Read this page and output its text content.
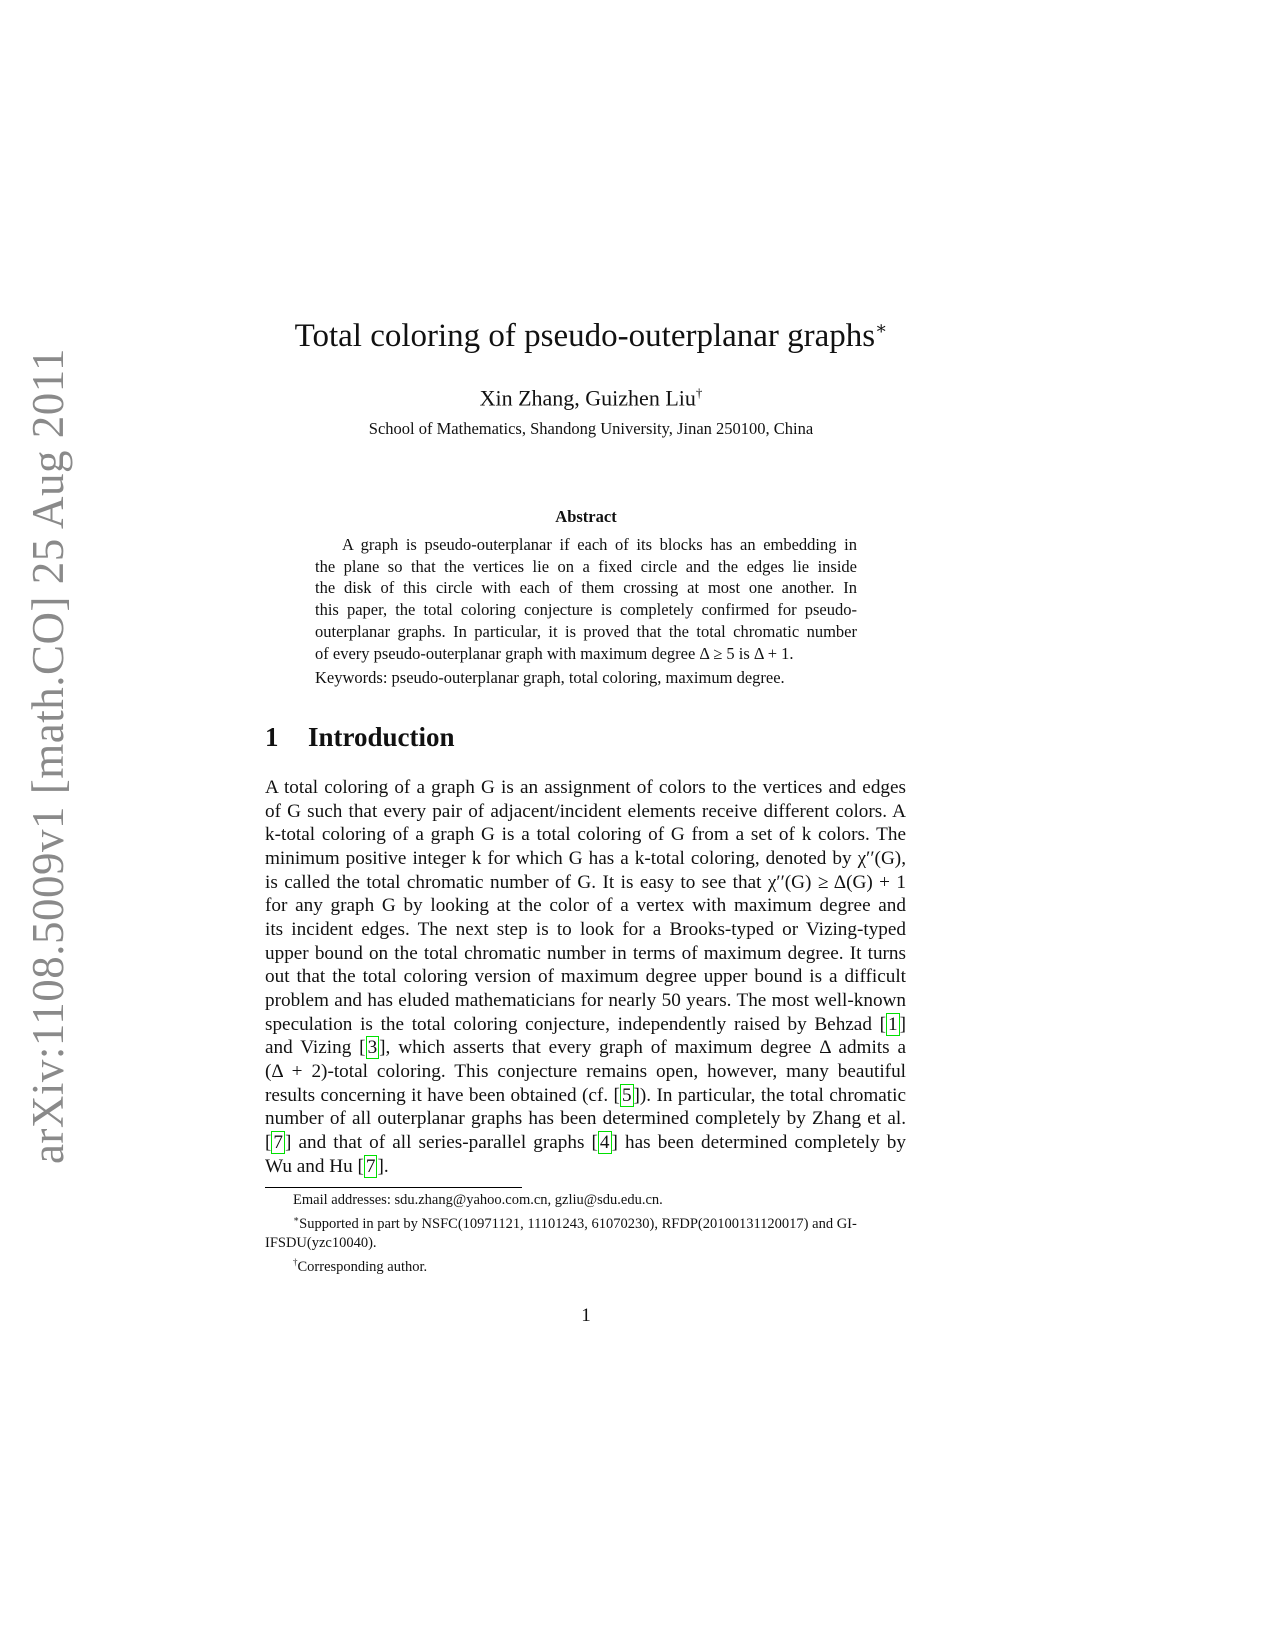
arXiv:1108.5009v1 [math.CO] 25 Aug 2011
Total coloring of pseudo-outerplanar graphs∗
Xin Zhang, Guizhen Liu†
School of Mathematics, Shandong University, Jinan 250100, China
Abstract
A graph is pseudo-outerplanar if each of its blocks has an embedding in
the plane so that the vertices lie on a fixed circle and the edges lie inside
the disk of this circle with each of them crossing at most one another. In
this paper, the total coloring conjecture is completely confirmed for pseudo-
outerplanar graphs. In particular, it is proved that the total chromatic number
of every pseudo-outerplanar graph with maximum degree Δ ≥ 5 is Δ + 1.
Keywords: pseudo-outerplanar graph, total coloring, maximum degree.
1 Introduction
A total coloring of a graph G is an assignment of colors to the vertices and edges
of G such that every pair of adjacent/incident elements receive different colors. A
k-total coloring of a graph G is a total coloring of G from a set of k colors. The
minimum positive integer k for which G has a k-total coloring, denoted by χ′′(G),
is called the total chromatic number of G. It is easy to see that χ′′(G) ≥ Δ(G) + 1
for any graph G by looking at the color of a vertex with maximum degree and
its incident edges. The next step is to look for a Brooks-typed or Vizing-typed
upper bound on the total chromatic number in terms of maximum degree. It turns
out that the total coloring version of maximum degree upper bound is a difficult
problem and has eluded mathematicians for nearly 50 years. The most well-known
speculation is the total coloring conjecture, independently raised by Behzad [ 1 ]
and Vizing [ 3 ], which asserts that every graph of maximum degree Δ admits a
(Δ + 2)-total coloring. This conjecture remains open, however, many beautiful
results concerning it have been obtained (cf. [ 5 ]). In particular, the total chromatic
number of all outerplanar graphs has been determined completely by Zhang et al.
[ 7 ] and that of all series-parallel graphs [ 4 ] has been determined completely by
Wu and Hu [ 7 ].
Email addresses: sdu.zhang@yahoo.com.cn, gzliu@sdu.edu.cn.
∗Supported in part by NSFC(10971121, 11101243, 61070230), RFDP(20100131120017) and GI-
IFSDU(yzc10040).
†Corresponding author.
1
